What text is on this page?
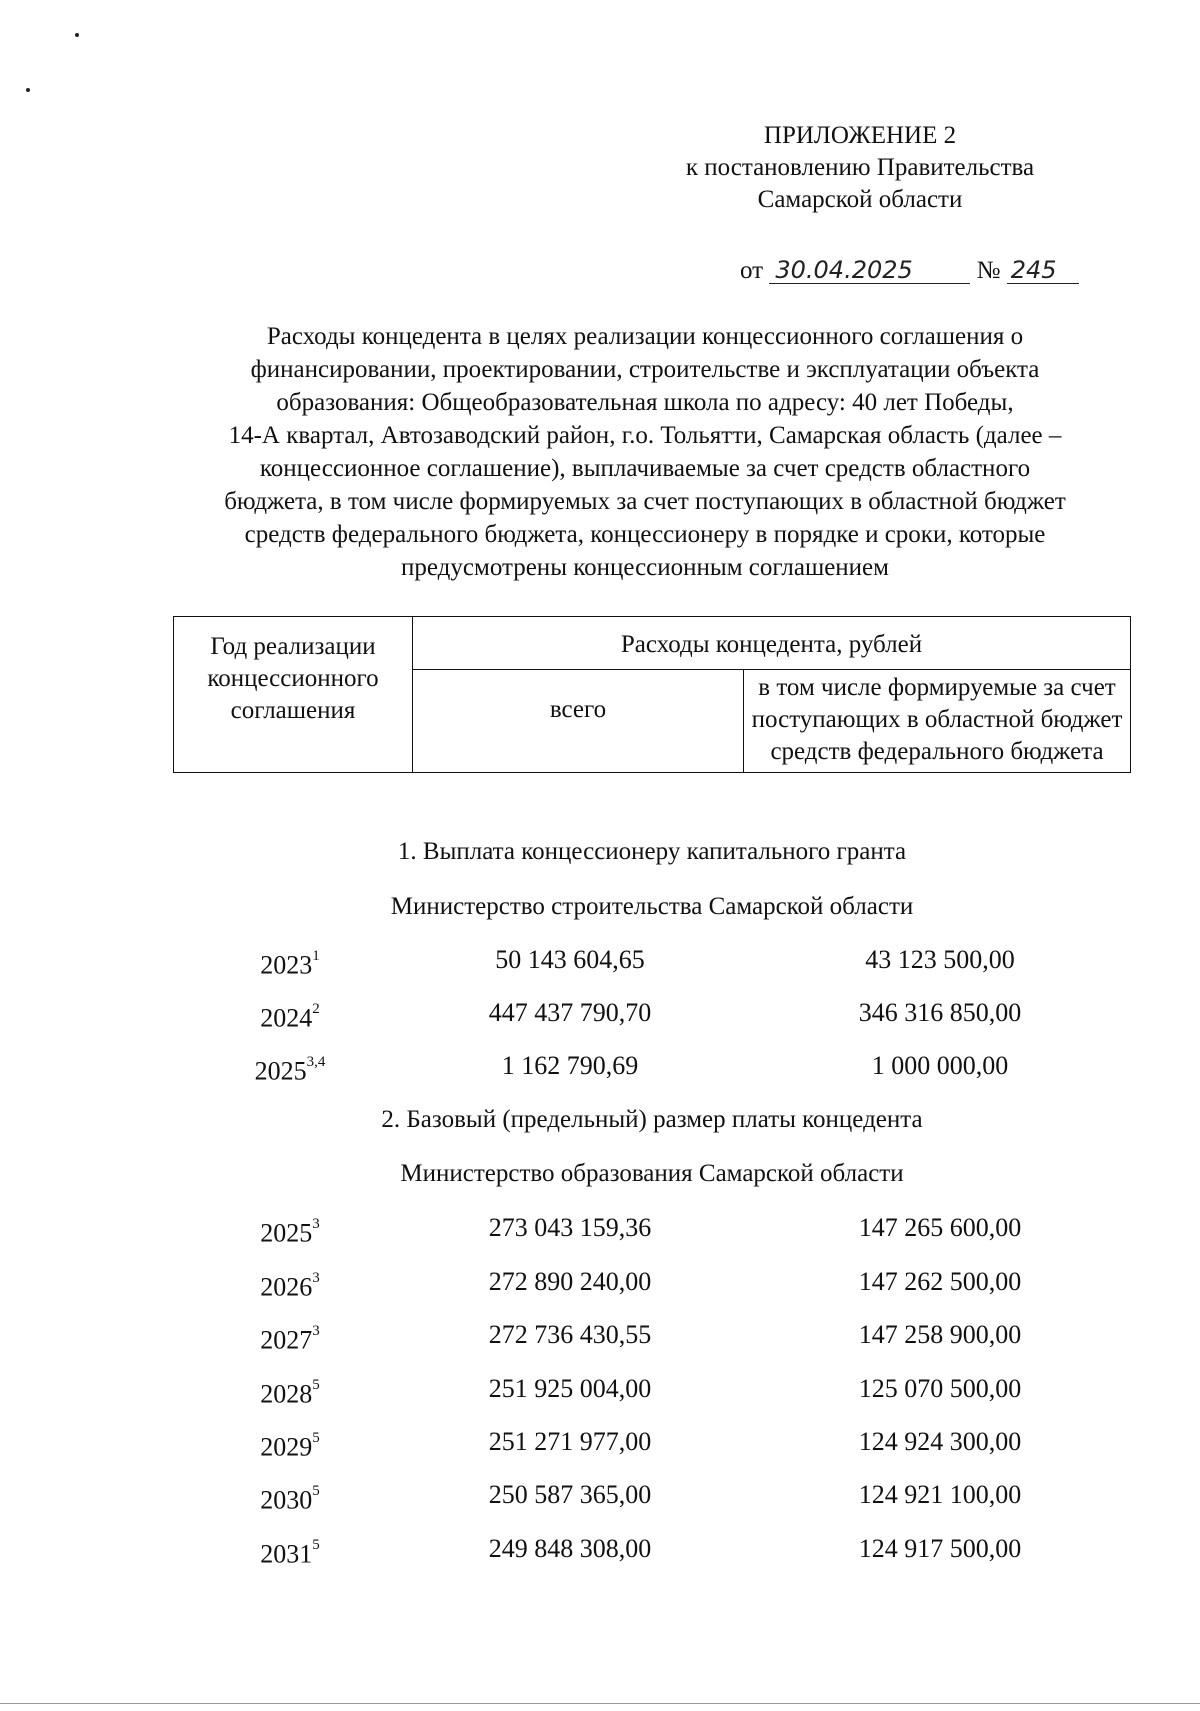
ПРИЛОЖЕНИЕ 2
к постановлению Правительства
Самарской области
от 30.04.2025	№ 245
Расходы концедента в целях реализации концессионного соглашения о
финансировании, проектировании, строительстве и эксплуатации объекта
образования: Общеобразовательная школа по адресу: 40 лет Победы,
14-А квартал, Автозаводский район, г.о. Тольятти, Самарская область (далее –
концессионное соглашение), выплачиваемые за счет средств областного
бюджета, в том числе формируемых за счет поступающих в областной бюджет
средств федерального бюджета, концессионеру в порядке и сроки, которые
предусмотрены концессионным соглашением
Год реализации концессионного соглашения	Расходы концедента, рублей	
	всего	в том числе формируемые за счет поступающих в областной бюджет средств федерального бюджета
1. Выплата концессионеру капитального гранта
Министерство строительства Самарской области
2023$^1$	50 143 604,65	43 123 500,00
2024$^2$	447 437 790,70	346 316 850,00
2025$^{3,4}$	1 162 790,69	1 000 000,00
2. Базовый (предельный) размер платы концедента
Министерство образования Самарской области
2025$^3$	273 043 159,36	147 265 600,00
2026$^3$	272 890 240,00	147 262 500,00
2027$^3$	272 736 430,55	147 258 900,00
2028$^5$	251 925 004,00	125 070 500,00
2029$^5$	251 271 977,00	124 924 300,00
2030$^5$	250 587 365,00	124 921 100,00
2031$^5$	249 848 308,00	124 917 500,00
